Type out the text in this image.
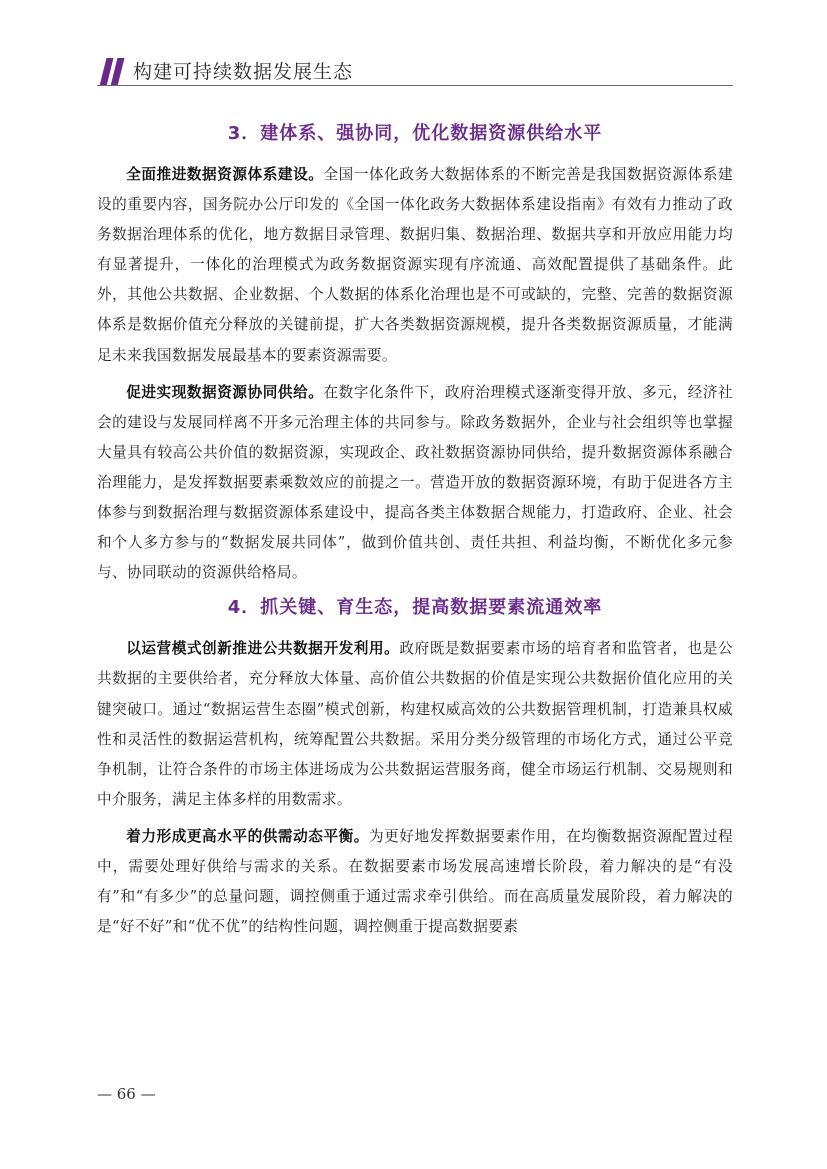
构建可持续数据发展生态
3．建体系、强协同，优化数据资源供给水平

全面推进数据资源体系建设。全国一体化政务大数据体系的不断完善是我国数据资源体系建设的重要内容，国务院办公厅印发的《全国一体化政务大数据体系建设指南》有效有力推动了政务数据治理体系的优化，地方数据目录管理、数据归集、数据治理、数据共享和开放应用能力均有显著提升，一体化的治理模式为政务数据资源实现有序流通、高效配置提供了基础条件。此外，其他公共数据、企业数据、个人数据的体系化治理也是不可或缺的，完整、完善的数据资源体系是数据价值充分释放的关键前提，扩大各类数据资源规模，提升各类数据资源质量，才能满足未来我国数据发展最基本的要素资源需要。

促进实现数据资源协同供给。在数字化条件下，政府治理模式逐渐变得开放、多元，经济社会的建设与发展同样离不开多元治理主体的共同参与。除政务数据外，企业与社会组织等也掌握大量具有较高公共价值的数据资源，实现政企、政社数据资源协同供给，提升数据资源体系融合治理能力，是发挥数据要素乘数效应的前提之一。营造开放的数据资源环境，有助于促进各方主体参与到数据治理与数据资源体系建设中，提高各类主体数据合规能力，打造政府、企业、社会和个人多方参与的“数据发展共同体”，做到价值共创、责任共担、利益均衡，不断优化多元参与、协同联动的资源供给格局。

4．抓关键、育生态，提高数据要素流通效率

以运营模式创新推进公共数据开发利用。政府既是数据要素市场的培育者和监管者，也是公共数据的主要供给者，充分释放大体量、高价值公共数据的价值是实现公共数据价值化应用的关键突破口。通过“数据运营生态圈”模式创新，构建权威高效的公共数据管理机制，打造兼具权威性和灵活性的数据运营机构，统筹配置公共数据。采用分类分级管理的市场化方式，通过公平竞争机制，让符合条件的市场主体进场成为公共数据运营服务商，健全市场运行机制、交易规则和中介服务，满足主体多样的用数需求。

着力形成更高水平的供需动态平衡。为更好地发挥数据要素作用，在均衡数据资源配置过程中，需要处理好供给与需求的关系。在数据要素市场发展高速增长阶段，着力解决的是“有没有”和“有多少”的总量问题，调控侧重于通过需求牵引供给。而在高质量发展阶段，着力解决的是“好不好”和“优不优”的结构性问题，调控侧重于提高数据要素

— 66 —
